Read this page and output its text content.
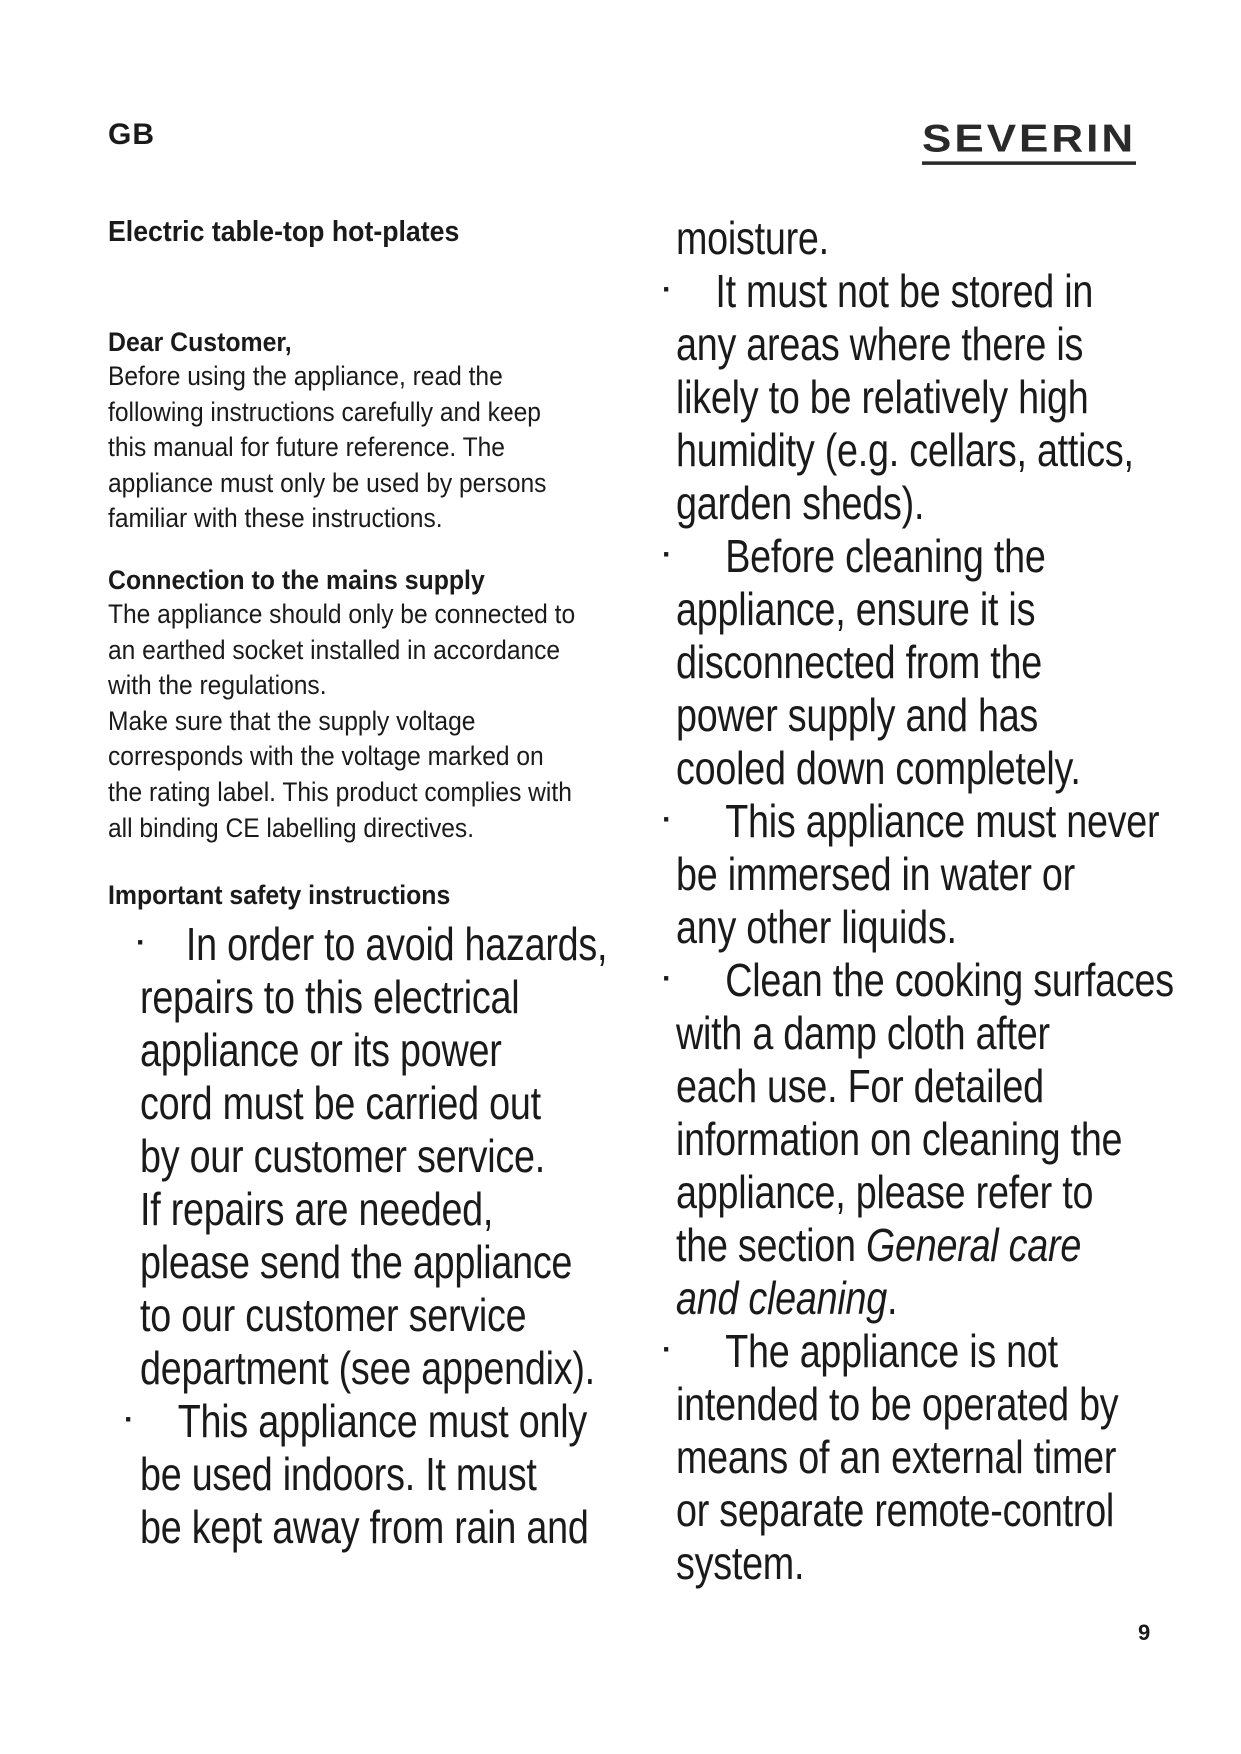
GB	SEVERIN
Electric table-top hot-plates
Dear Customer,
Before using the appliance, read the
following instructions carefully and keep
this manual for future reference. The
appliance must only be used by persons
familiar with these instructions.
Connection to the mains supply
The appliance should only be connected to
an earthed socket installed in accordance
with the regulations.
Make sure that the supply voltage
corresponds with the voltage marked on
the rating label. This product complies with
all binding CE labelling directives.
Important safety instructions
· In order to avoid hazards,
repairs to this electrical
appliance or its power
cord must be carried out
by our customer service.
If repairs are needed,
please send the appliance
to our customer service
department (see appendix).
· This appliance must only
be used indoors. It must
be kept away from rain and
moisture.
· It must not be stored in
any areas where there is
likely to be relatively high
humidity (e.g. cellars, attics,
garden sheds).
·	Before cleaning the
appliance, ensure it is
disconnected from the
power supply and has
cooled down completely.
·	This appliance must never
be immersed in water or
any other liquids.
·	Clean the cooking surfaces
with a damp cloth after
each use. For detailed
information on cleaning the
appliance, please refer to
the section General care
and cleaning.
·	The appliance is not
intended to be operated by
means of an external timer
or separate remote-control
system.
9
